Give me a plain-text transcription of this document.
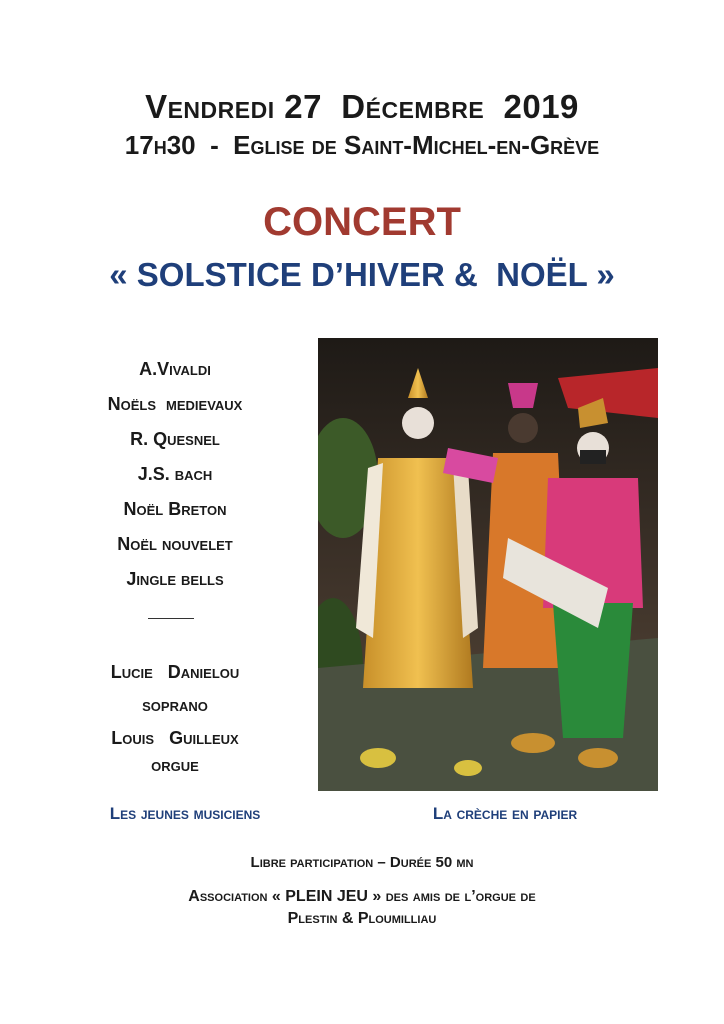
Vendredi 27  Décembre  2019
17h30  -  Eglise de Saint-Michel-en-Grève
CONCERT
« SOLSTICE D’HIVER &  NOËL »
A.Vivaldi
Noëls  medievaux
R. Quesnel
J.S. bach
Noël Breton
Noël nouvelet
Jingle bells
Lucie   Danielou
soprano
Louis   Guilleux
orgue
Les jeunes musiciens	La crèche en papier
Libre participation – Durée 50 mn
Association « PLEIN JEU » des amis de l’orgue de
Plestin & Ploumilliau
